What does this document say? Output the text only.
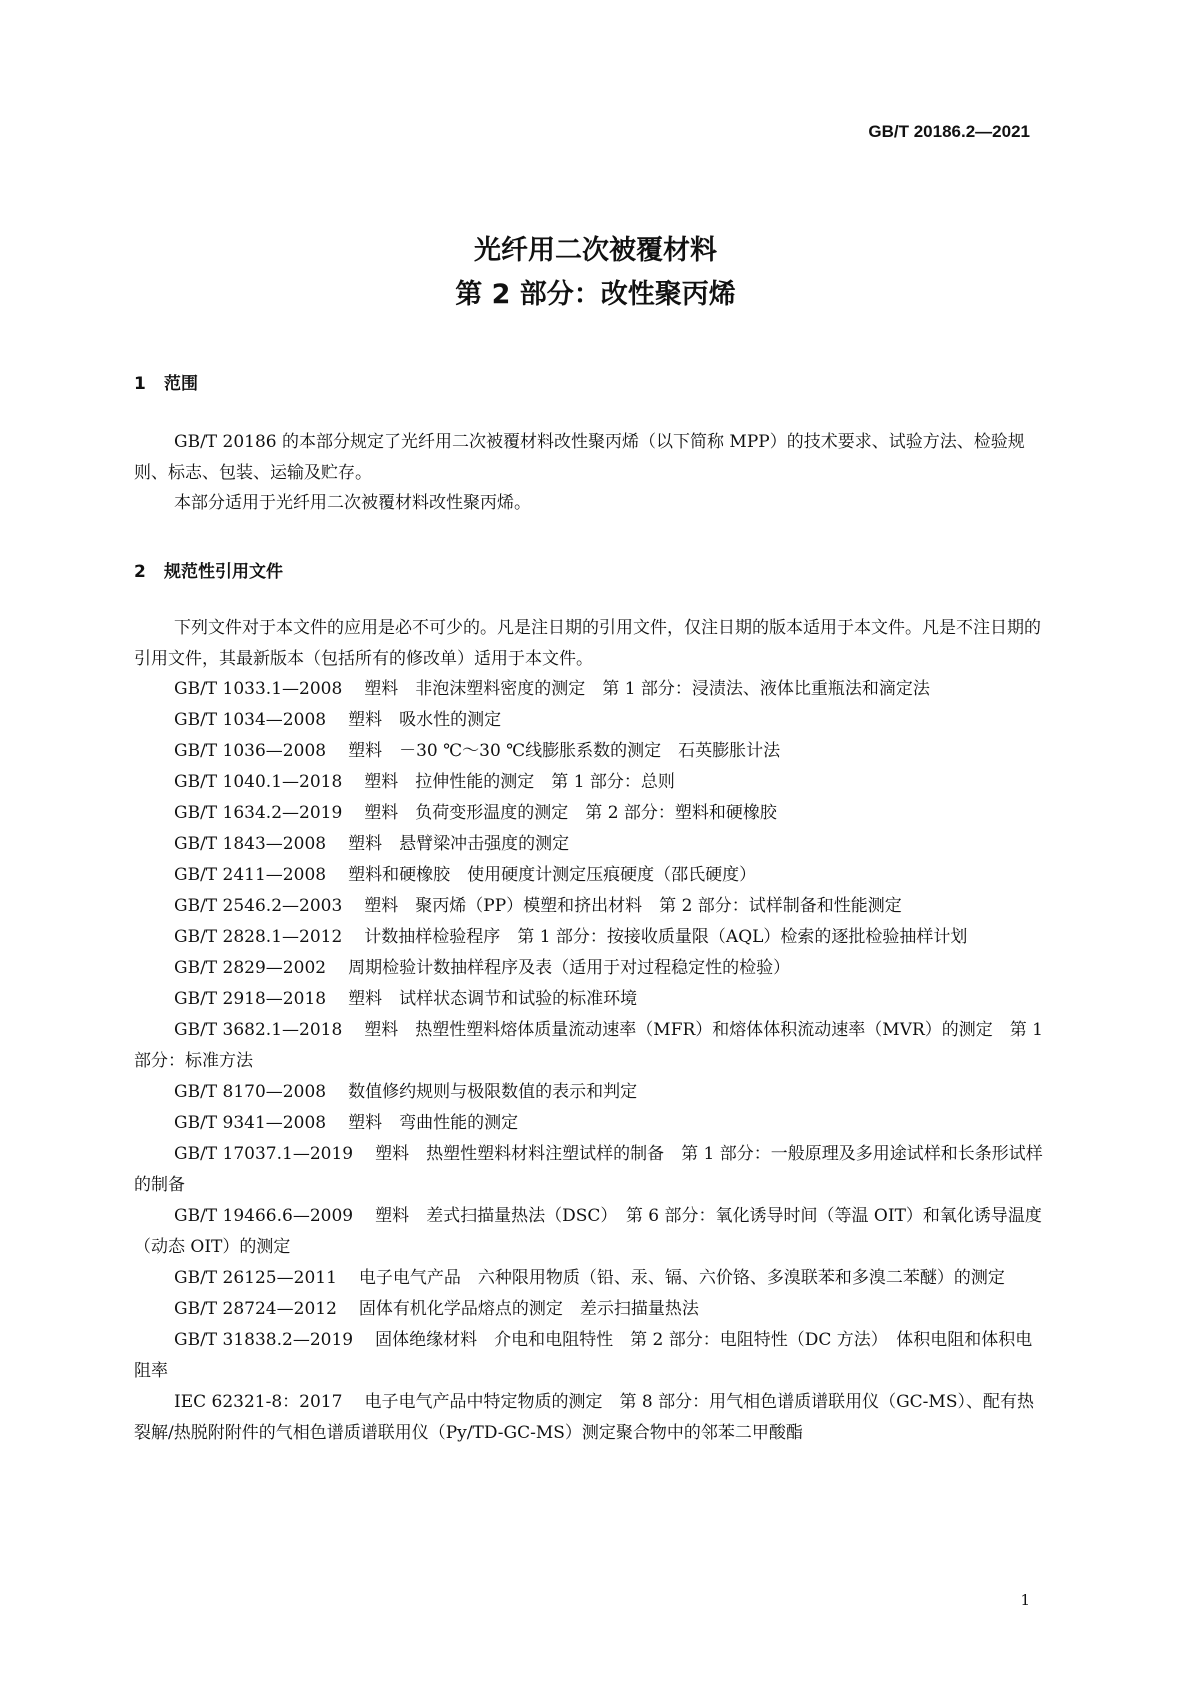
GB/T 20186.2—2021
光纤用二次被覆材料
第 2 部分：改性聚丙烯
1 范围

GB/T 20186 的本部分规定了光纤用二次被覆材料改性聚丙烯（以下简称 MPP）的技术要求、试验方法、检验规则、标志、包装、运输及贮存。

本部分适用于光纤用二次被覆材料改性聚丙烯。

2 规范性引用文件

下列文件对于本文件的应用是必不可少的。凡是注日期的引用文件，仅注日期的版本适用于本文件。凡是不注日期的引用文件，其最新版本（包括所有的修改单）适用于本文件。

GB/T 1033.1—2008 塑料　非泡沫塑料密度的测定　第 1 部分：浸渍法、液体比重瓶法和滴定法
GB/T 1034—2008 塑料　吸水性的测定
GB/T 1036—2008 塑料　－30 ℃～30 ℃线膨胀系数的测定　石英膨胀计法
GB/T 1040.1—2018 塑料　拉伸性能的测定　第 1 部分：总则
GB/T 1634.2—2019 塑料　负荷变形温度的测定　第 2 部分：塑料和硬橡胶
GB/T 1843—2008 塑料　悬臂梁冲击强度的测定
GB/T 2411—2008 塑料和硬橡胶　使用硬度计测定压痕硬度（邵氏硬度）
GB/T 2546.2—2003 塑料　聚丙烯（PP）模塑和挤出材料　第 2 部分：试样制备和性能测定
GB/T 2828.1—2012 计数抽样检验程序　第 1 部分：按接收质量限（AQL）检索的逐批检验抽样计划
GB/T 2829—2002 周期检验计数抽样程序及表（适用于对过程稳定性的检验）
GB/T 2918—2018 塑料　试样状态调节和试验的标准环境
GB/T 3682.1—2018 塑料　热塑性塑料熔体质量流动速率（MFR）和熔体体积流动速率（MVR）的测定　第 1 部分：标准方法
GB/T 8170—2008 数值修约规则与极限数值的表示和判定
GB/T 9341—2008 塑料　弯曲性能的测定
GB/T 17037.1—2019 塑料　热塑性塑料材料注塑试样的制备　第 1 部分：一般原理及多用途试样和长条形试样的制备
GB/T 19466.6—2009 塑料　差式扫描量热法（DSC）　第 6 部分：氧化诱导时间（等温 OIT）和氧化诱导温度（动态 OIT）的测定
GB/T 26125—2011 电子电气产品　六种限用物质（铅、汞、镉、六价铬、多溴联苯和多溴二苯醚）的测定
GB/T 28724—2012 固体有机化学品熔点的测定　差示扫描量热法
GB/T 31838.2—2019 固体绝缘材料　介电和电阻特性　第 2 部分：电阻特性（DC 方法）　体积电阻和体积电阻率
IEC 62321-8：2017 电子电气产品中特定物质的测定　第 8 部分：用气相色谱质谱联用仪（GC-MS）、配有热裂解/热脱附附件的气相色谱质谱联用仪（Py/TD-GC-MS）测定聚合物中的邻苯二甲酸酯
1
